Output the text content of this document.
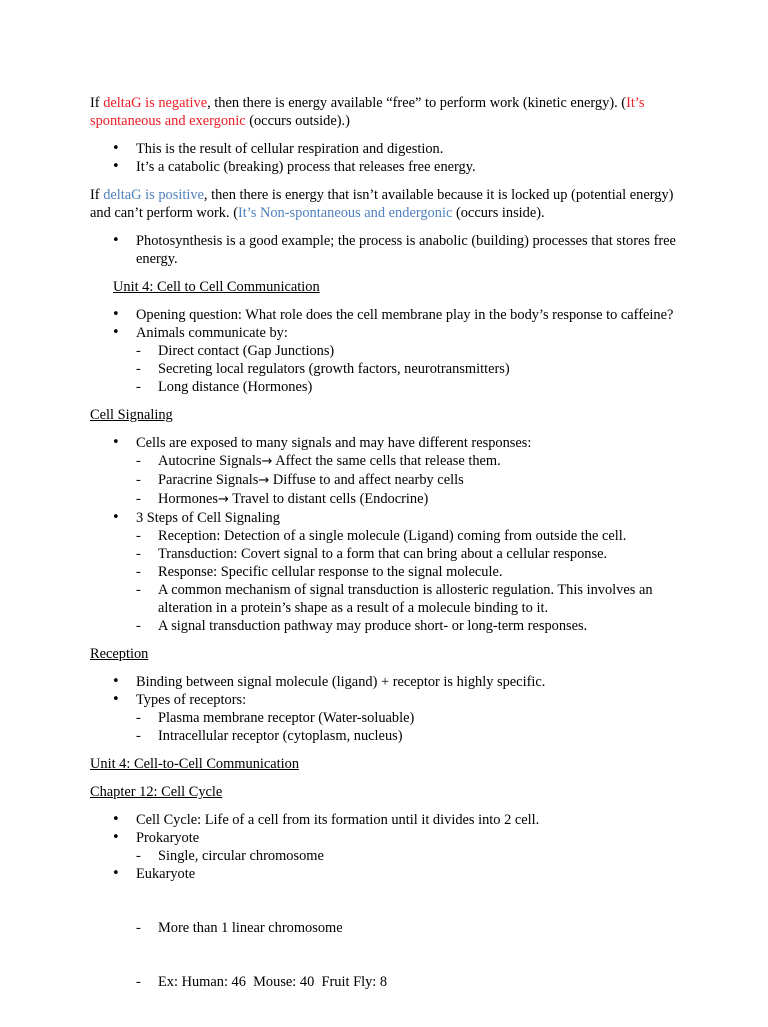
If deltaG is negative, then there is energy available “free” to perform work (kinetic energy). (It’s spontaneous and exergonic (occurs outside).)

• This is the result of cellular respiration and digestion.
• It’s a catabolic (breaking) process that releases free energy.

If deltaG is positive, then there is energy that isn’t available because it is locked up (potential energy) and can’t perform work. (It’s Non-spontaneous and endergonic (occurs inside).

• Photosynthesis is a good example; the process is anabolic (building) processes that stores free energy.

Unit 4: Cell to Cell Communication

• Opening question: What role does the cell membrane play in the body’s response to caffeine?
• Animals communicate by:
- Direct contact (Gap Junctions)
- Secreting local regulators (growth factors, neurotransmitters)
- Long distance (Hormones)

Cell Signaling

• Cells are exposed to many signals and may have different responses:
- Autocrine Signals→ Affect the same cells that release them.
- Paracrine Signals→ Diffuse to and affect nearby cells
- Hormones→ Travel to distant cells (Endocrine)
• 3 Steps of Cell Signaling
- Reception: Detection of a single molecule (Ligand) coming from outside the cell.
- Transduction: Covert signal to a form that can bring about a cellular response.
- Response: Specific cellular response to the signal molecule.
- A common mechanism of signal transduction is allosteric regulation. This involves an alteration in a protein’s shape as a result of a molecule binding to it.
- A signal transduction pathway may produce short- or long-term responses.

Reception

• Binding between signal molecule (ligand) + receptor is highly specific.
• Types of receptors:
- Plasma membrane receptor (Water-soluable)
- Intracellular receptor (cytoplasm, nucleus)

Unit 4: Cell-to-Cell Communication

Chapter 12: Cell Cycle

• Cell Cycle: Life of a cell from its formation until it divides into 2 cell.
• Prokaryote
- Single, circular chromosome
• Eukaryote

- More than 1 linear chromosome

- Ex: Human: 46  Mouse: 40  Fruit Fly: 8
